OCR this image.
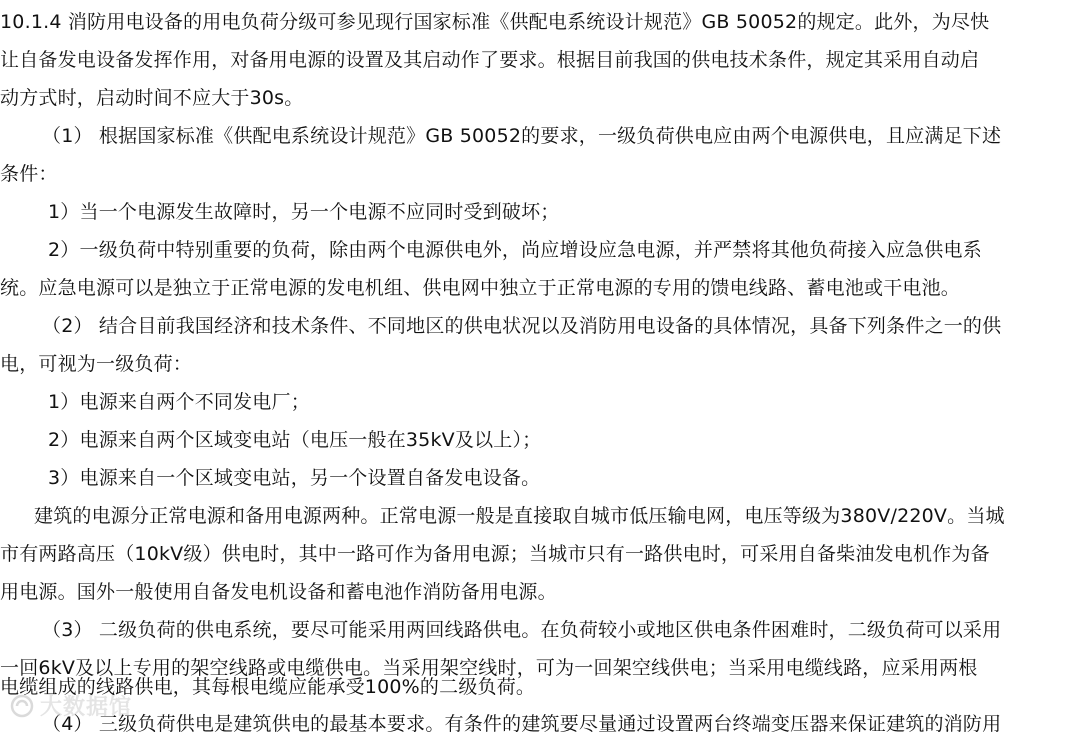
10.1.4 消防用电设备的用电负荷分级可参见现行国家标准《供配电系统设计规范》GB 50052的规定。此外，为尽快
让自备发电设备发挥作用，对备用电源的设置及其启动作了要求。根据目前我国的供电技术条件，规定其采用自动启
动方式时，启动时间不应大于30s。
（1） 根据国家标准《供配电系统设计规范》GB 50052的要求，一级负荷供电应由两个电源供电，且应满足下述
条件：
1）当一个电源发生故障时，另一个电源不应同时受到破坏；
2）一级负荷中特别重要的负荷，除由两个电源供电外，尚应增设应急电源，并严禁将其他负荷接入应急供电系
统。应急电源可以是独立于正常电源的发电机组、供电网中独立于正常电源的专用的馈电线路、蓄电池或干电池。
（2） 结合目前我国经济和技术条件、不同地区的供电状况以及消防用电设备的具体情况，具备下列条件之一的供
电，可视为一级负荷：
1）电源来自两个不同发电厂；
2）电源来自两个区域变电站（电压一般在35kV及以上）；
3）电源来自一个区域变电站，另一个设置自备发电设备。
建筑的电源分正常电源和备用电源两种。正常电源一般是直接取自城市低压输电网，电压等级为380V/220V。当城
市有两路高压（10kV级）供电时，其中一路可作为备用电源；当城市只有一路供电时，可采用自备柴油发电机作为备
用电源。国外一般使用自备发电机设备和蓄电池作消防备用电源。
（3） 二级负荷的供电系统，要尽可能采用两回线路供电。在负荷较小或地区供电条件困难时，二级负荷可以采用
一回6kV及以上专用的架空线路或电缆供电。当采用架空线时，可为一回架空线供电；当采用电缆线路，应采用两根
电缆组成的线路供电，其每根电缆应能承受100%的二级负荷。
（4） 三级负荷供电是建筑供电的最基本要求。有条件的建筑要尽量通过设置两台终端变压器来保证建筑的消防用
大数据馆
